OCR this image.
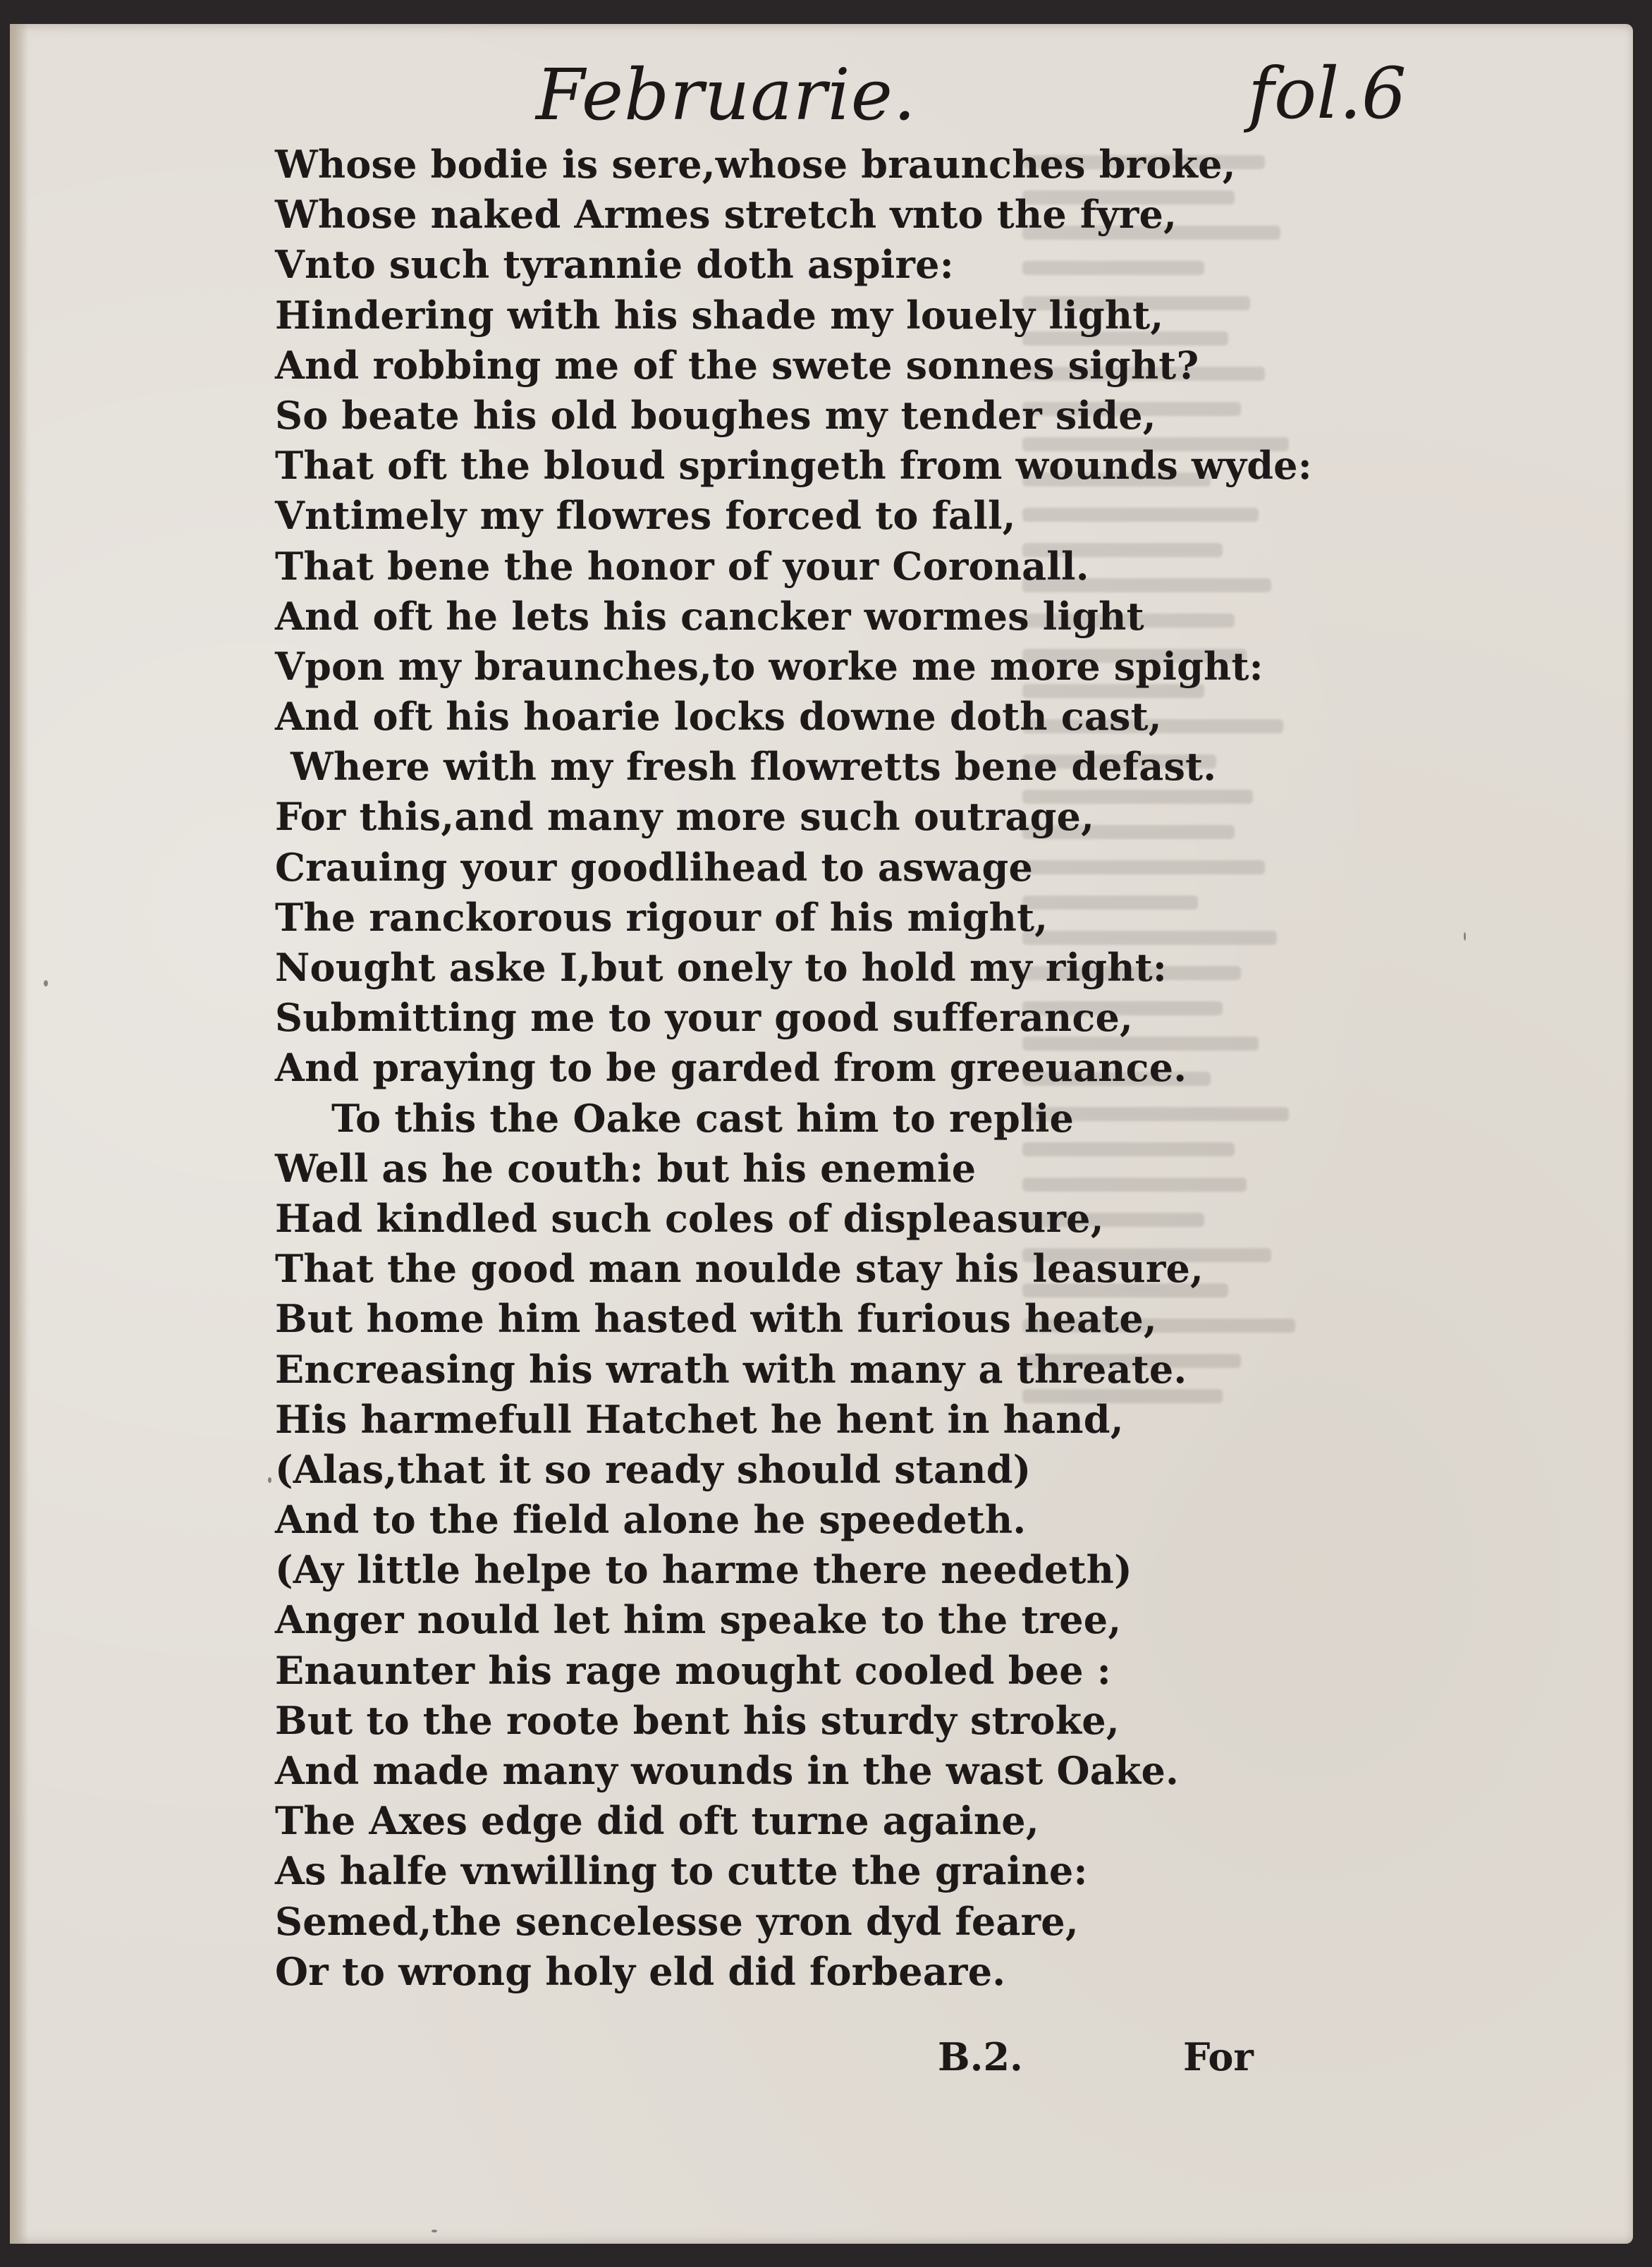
Februarie.	fol.6
Whose bodie is sere,whose braunches broke,
Whose naked Armes stretch vnto the fyre,
Vnto such tyrannie doth aspire:
Hindering with his shade my louely light,
And robbing me of the swete sonnes sight?
So beate his old boughes my tender side,
That oft the bloud springeth from wounds wyde:
Vntimely my flowres forced to fall,
That bene the honor of your Coronall.
And oft he lets his cancker wormes light
Vpon my braunches,to worke me more spight:
And oft his hoarie locks downe doth cast,
Where with my fresh flowretts bene defast.
For this,and many more such outrage,
Crauing your goodlihead to aswage
The ranckorous rigour of his might,
Nought aske I,but onely to hold my right:
Submitting me to your good sufferance,
And praying to be garded from greeuance.
To this the Oake cast him to replie
Well as he couth: but his enemie
Had kindled such coles of displeasure,
That the good man noulde stay his leasure,
But home him hasted with furious heate,
Encreasing his wrath with many a threate.
His harmefull Hatchet he hent in hand,
(Alas,that it so ready should stand)
And to the field alone he speedeth.
(Ay little helpe to harme there needeth)
Anger nould let him speake to the tree,
Enaunter his rage mought cooled bee :
But to the roote bent his sturdy stroke,
And made many wounds in the wast Oake.
The Axes edge did oft turne againe,
As halfe vnwilling to cutte the graine:
Semed,the sencelesse yron dyd feare,
Or to wrong holy eld did forbeare.
B.2.	For
